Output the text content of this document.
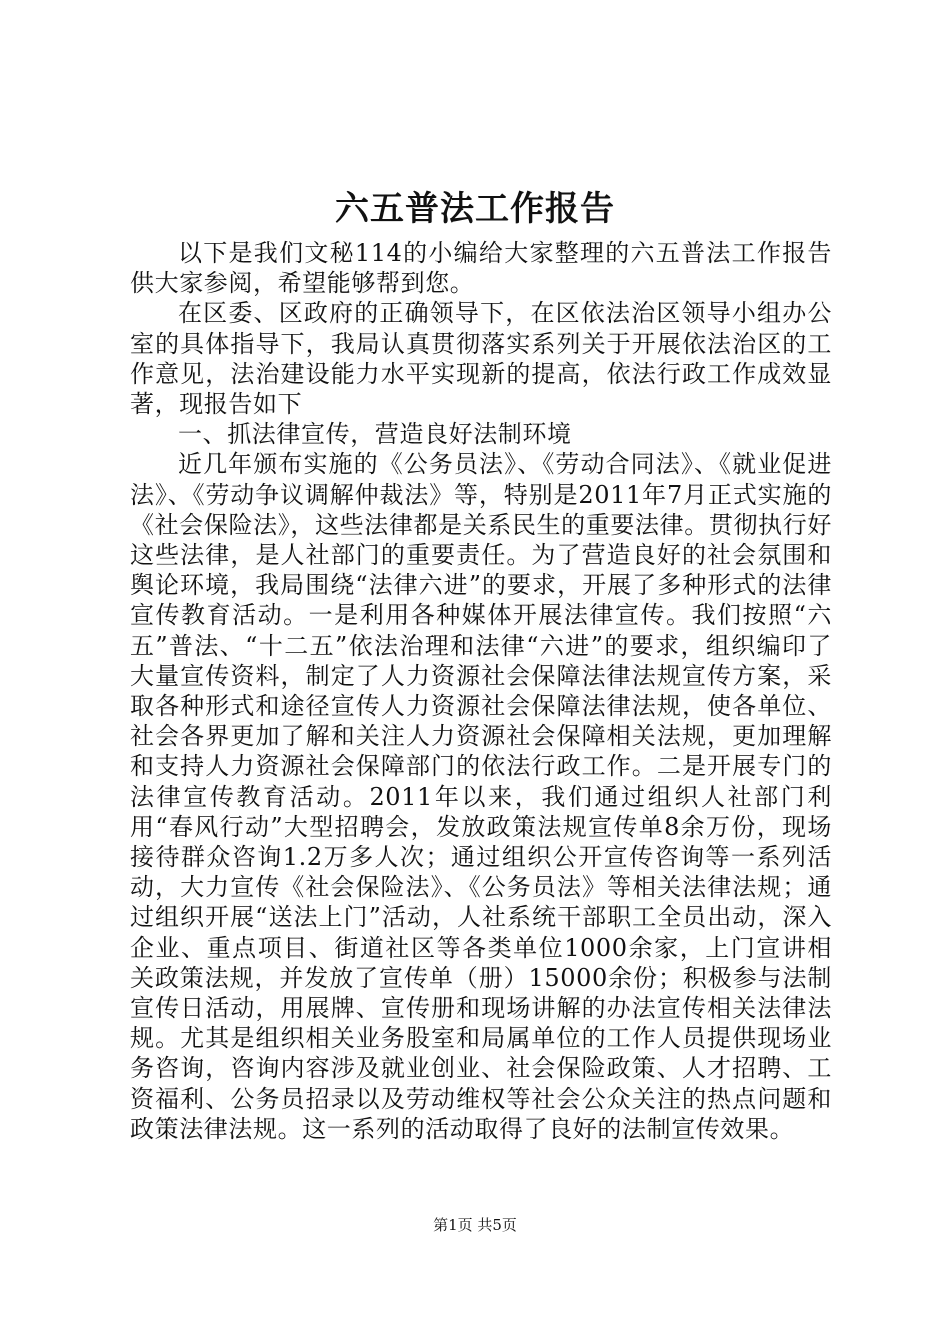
六五普法工作报告

以下是我们文秘114的小编给大家整理的六五普法工作报告供大家参阅，希望能够帮到您。

在区委、区政府的正确领导下，在区依法治区领导小组办公室的具体指导下，我局认真贯彻落实系列关于开展依法治区的工作意见，法治建设能力水平实现新的提高，依法行政工作成效显著，现报告如下

一、抓法律宣传，营造良好法制环境

近几年颁布实施的《公务员法》、《劳动合同法》、《就业促进法》、《劳动争议调解仲裁法》等，特别是2011年7月正式实施的《社会保险法》，这些法律都是关系民生的重要法律。贯彻执行好这些法律，是人社部门的重要责任。为了营造良好的社会氛围和舆论环境，我局围绕“法律六进”的要求，开展了多种形式的法律宣传教育活动。一是利用各种媒体开展法律宣传。我们按照“六五”普法、“十二五”依法治理和法律“六进”的要求，组织编印了大量宣传资料，制定了人力资源社会保障法律法规宣传方案，采取各种形式和途径宣传人力资源社会保障法律法规，使各单位、社会各界更加了解和关注人力资源社会保障相关法规，更加理解和支持人力资源社会保障部门的依法行政工作。二是开展专门的法律宣传教育活动。2011年以来，我们通过组织人社部门利用“春风行动”大型招聘会，发放政策法规宣传单8余万份，现场接待群众咨询1.2万多人次；通过组织公开宣传咨询等一系列活动，大力宣传《社会保险法》、《公务员法》等相关法律法规；通过组织开展“送法上门”活动，人社系统干部职工全员出动，深入企业、重点项目、街道社区等各类单位1000余家，上门宣讲相关政策法规，并发放了宣传单（册）15000余份；积极参与法制宣传日活动，用展牌、宣传册和现场讲解的办法宣传相关法律法规。尤其是组织相关业务股室和局属单位的工作人员提供现场业务咨询，咨询内容涉及就业创业、社会保险政策、人才招聘、工资福利、公务员招录以及劳动维权等社会公众关注的热点问题和政策法律法规。这一系列的活动取得了良好的法制宣传效果。

第1页 共5页
